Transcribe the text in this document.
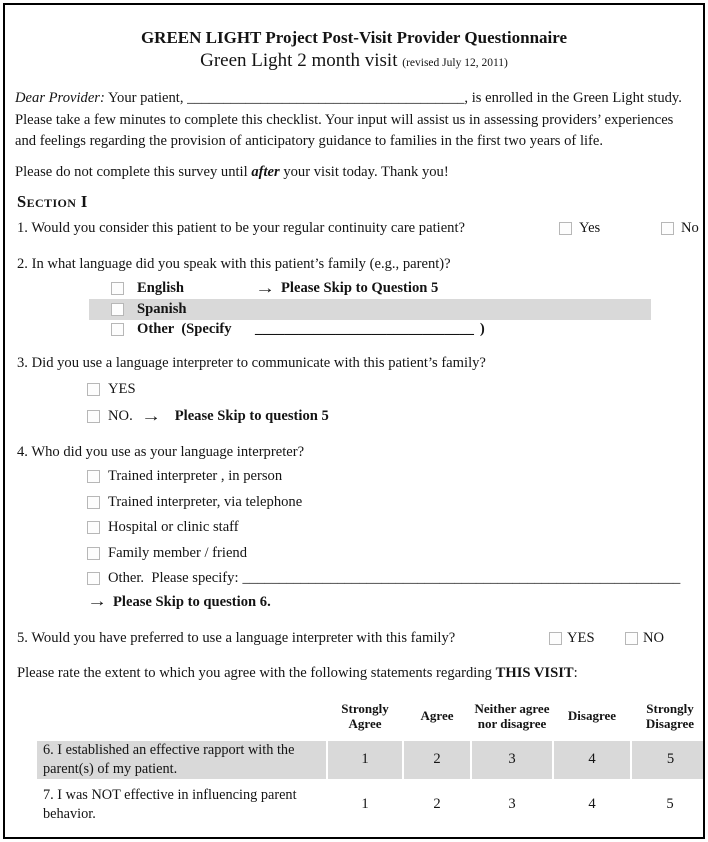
GREEN LIGHT Project Post-Visit Provider Questionnaire
Green Light 2 month visit (revised July 12, 2011)

Dear Provider: Your patient, ______________________________________, is enrolled in the Green Light study. Please take a few minutes to complete this checklist. Your input will assist us in assessing providers’ experiences and feelings regarding the provision of anticipatory guidance to families in the first two years of life.

Please do not complete this survey until after your visit today. Thank you!

Section I
1. Would you consider this patient to be your regular continuity care patient?	Yes	No

2. In what language did you speak with this patient’s family (e.g., parent)?

English	→ Please Skip to Question 5
Spanish
Other  (Specify	______________________________ )

3. Did you use a language interpreter to communicate with this patient’s family?

YES
NO. → Please Skip to question 5

4. Who did you use as your language interpreter?

Trained interpreter , in person
Trained interpreter, via telephone
Hospital or clinic staff
Family member / friend
Other.  Please specify: ____________________________________________________________
→ Please Skip to question 6.
5. Would you have preferred to use a language interpreter with this family?	YES	NO

Please rate the extent to which you agree with the following statements regarding THIS VISIT:

	Strongly Agree	Agree	Neither agree nor disagree	Disagree	Strongly Disagree
6. I established an effective rapport with the parent(s) of my patient.	1	2	3	4	5
7. I was NOT effective in influencing parent behavior.	1	2	3	4	5
